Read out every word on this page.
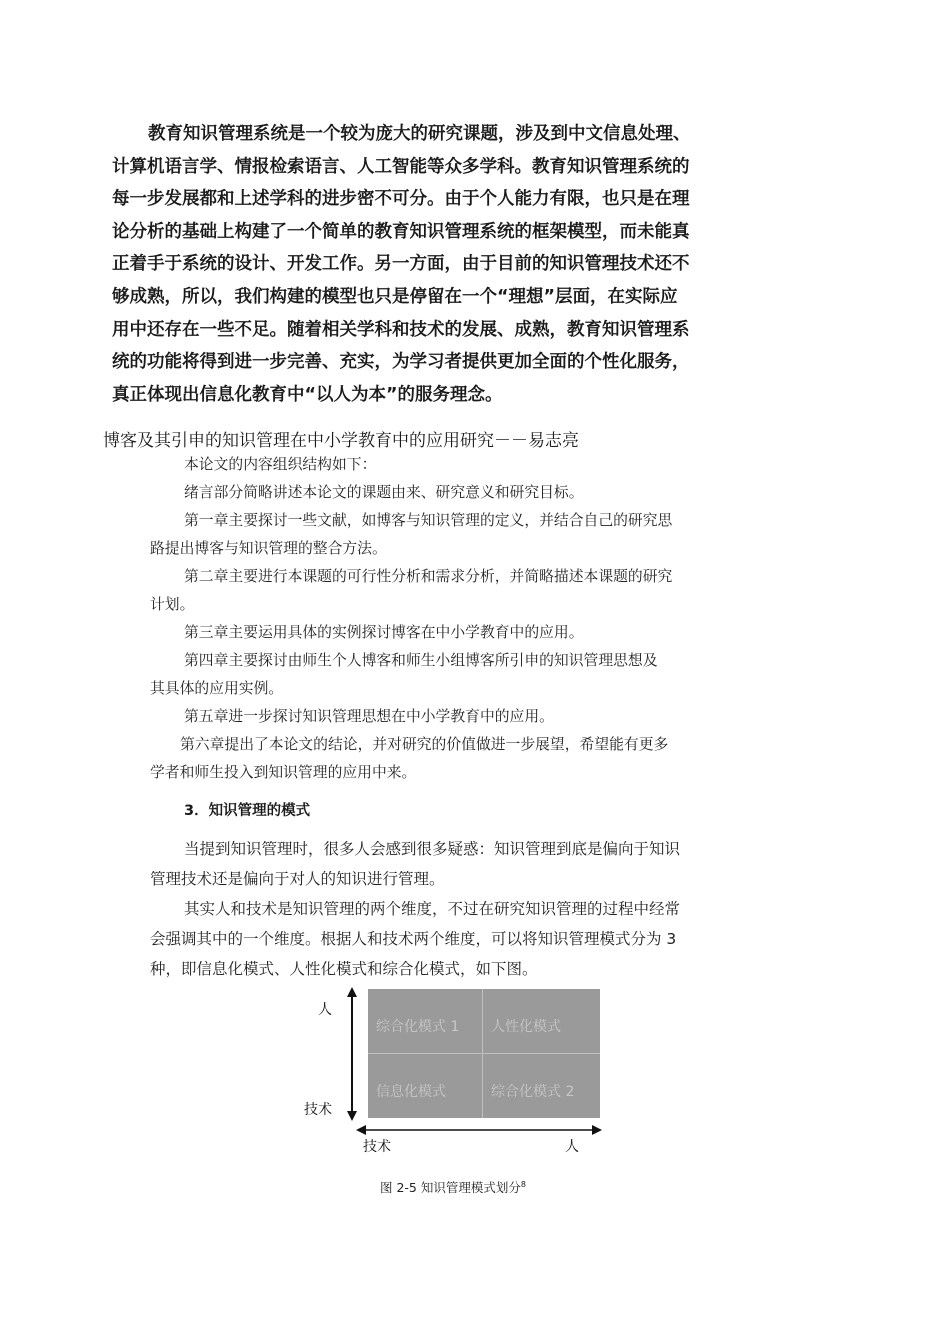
教育知识管理系统是一个较为庞大的研究课题，涉及到中文信息处理、
计算机语言学、情报检索语言、人工智能等众多学科。教育知识管理系统的
每一步发展都和上述学科的进步密不可分。由于个人能力有限，也只是在理
论分析的基础上构建了一个简单的教育知识管理系统的框架模型，而未能真
正着手于系统的设计、开发工作。另一方面，由于目前的知识管理技术还不
够成熟，所以，我们构建的模型也只是停留在一个“理想”层面，在实际应
用中还存在一些不足。随着相关学科和技术的发展、成熟，教育知识管理系
统的功能将得到进一步完善、充实，为学习者提供更加全面的个性化服务，
真正体现出信息化教育中“以人为本”的服务理念。

博客及其引申的知识管理在中小学教育中的应用研究－－易志亮

本论文的内容组织结构如下：

绪言部分简略讲述本论文的课题由来、研究意义和研究目标。

第一章主要探讨一些文献，如博客与知识管理的定义，并结合自己的研究思

路提出博客与知识管理的整合方法。

第二章主要进行本课题的可行性分析和需求分析，并简略描述本课题的研究

计划。

第三章主要运用具体的实例探讨博客在中小学教育中的应用。

第四章主要探讨由师生个人博客和师生小组博客所引申的知识管理思想及

其具体的应用实例。

第五章进一步探讨知识管理思想在中小学教育中的应用。

第六章提出了本论文的结论，并对研究的价值做进一步展望，希望能有更多

学者和师生投入到知识管理的应用中来。

3．知识管理的模式

当提到知识管理时，很多人会感到很多疑惑：知识管理到底是偏向于知识

管理技术还是偏向于对人的知识进行管理。

其实人和技术是知识管理的两个维度，不过在研究知识管理的过程中经常

会强调其中的一个维度。根据人和技术两个维度，可以将知识管理模式分为 3

种，即信息化模式、人性化模式和综合化模式，如下图。

综合化模式 1 人性化模式
信息化模式	综合化模式 2
人
技术
技术	人

图 2-5 知识管理模式划分$^8$
